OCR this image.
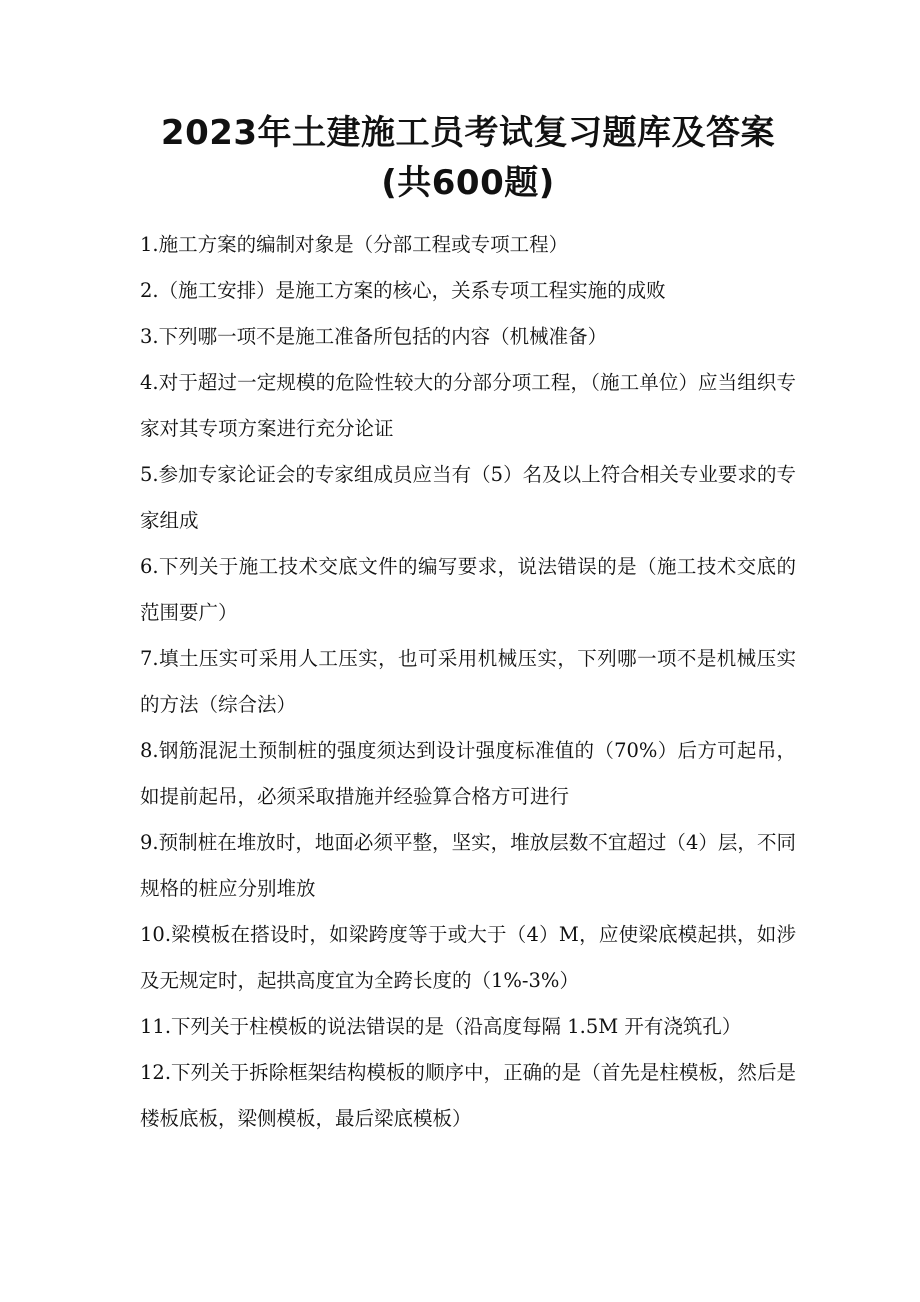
2023年土建施工员考试复习题库及答案(共600题)

1.施工方案的编制对象是（分部工程或专项工程）

2.（施工安排）是施工方案的核心，关系专项工程实施的成败

3.下列哪一项不是施工准备所包括的内容（机械准备）

4.对于超过一定规模的危险性较大的分部分项工程，（施工单位）应当组织专家对其专项方案进行充分论证

5.参加专家论证会的专家组成员应当有（5）名及以上符合相关专业要求的专家组成

6.下列关于施工技术交底文件的编写要求，说法错误的是（施工技术交底的范围要广）

7.填土压实可采用人工压实，也可采用机械压实，下列哪一项不是机械压实的方法（综合法）

8.钢筋混泥土预制桩的强度须达到设计强度标准值的（70%）后方可起吊，如提前起吊，必须采取措施并经验算合格方可进行

9.预制桩在堆放时，地面必须平整，坚实，堆放层数不宜超过（4）层，不同规格的桩应分别堆放

10.梁模板在搭设时，如梁跨度等于或大于（4）M，应使梁底模起拱，如涉及无规定时，起拱高度宜为全跨长度的（1%-3%）

11.下列关于柱模板的说法错误的是（沿高度每隔 1.5M 开有浇筑孔）

12.下列关于拆除框架结构模板的顺序中，正确的是（首先是柱模板，然后是楼板底板，梁侧模板，最后梁底模板）
